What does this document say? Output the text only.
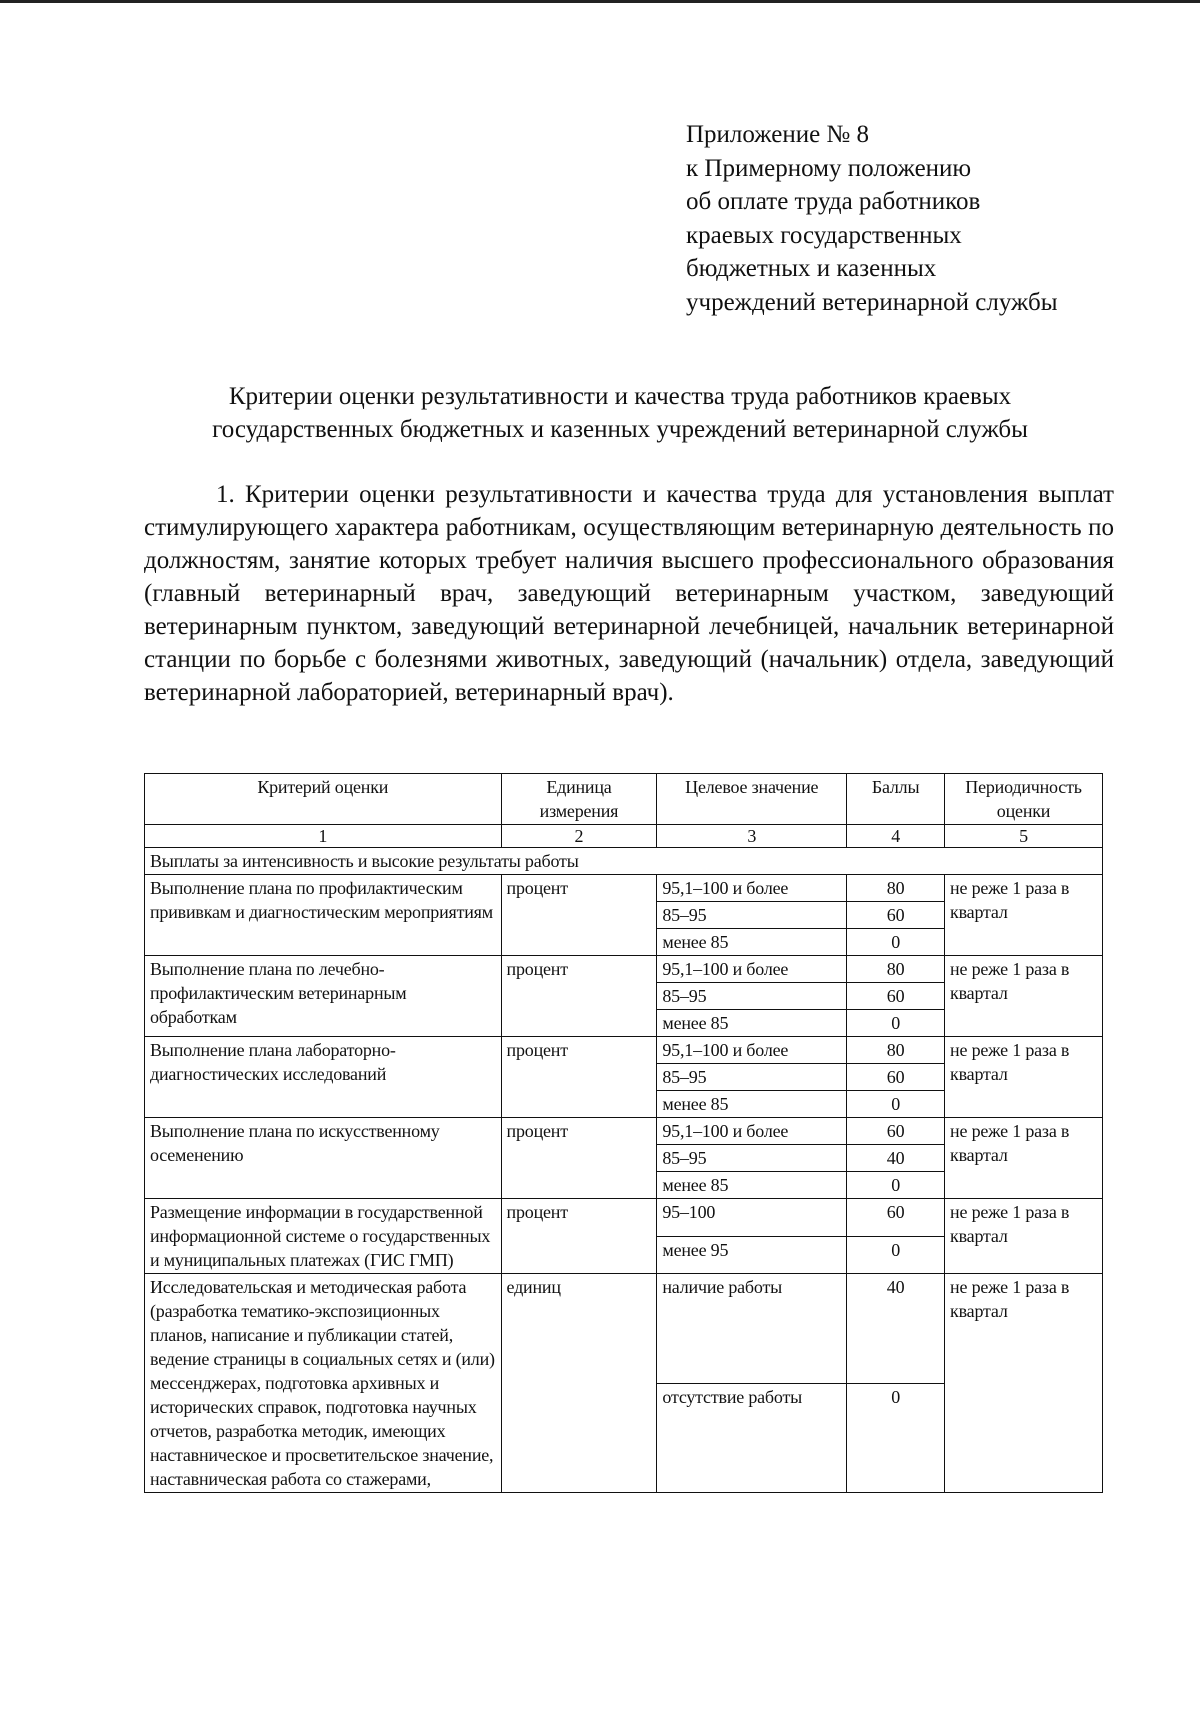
Приложение № 8
к Примерному положению
об оплате труда работников
краевых государственных
бюджетных и казенных
учреждений ветеринарной службы
Критерии оценки результативности и качества труда работников краевых
государственных бюджетных и казенных учреждений ветеринарной службы
1. Критерии оценки результативности и качества труда для установления выплат стимулирующего характера работникам, осуществляющим ветеринарную деятельность по должностям, занятие которых требует наличия высшего профессионального образования (главный ветеринарный врач, заведующий ветеринарным участком, заведующий ветеринарным пунктом, заведующий ветеринарной лечебницей, начальник ветеринарной станции по борьбе с болезнями животных, заведующий (начальник) отдела, заведующий ветеринарной лабораторией, ветеринарный врач).
Критерий оценки	Единица измерения	Целевое значение	Баллы	Периодичность оценки
1	2	3	4	5
Выплаты за интенсивность и высокие результаты работы				
Выполнение плана по профилактическим прививкам и диагностическим мероприятиям	процент	95,1–100 и более	80	не реже 1 раза в квартал
		85–95	60	
		менее 85	0	
Выполнение плана по лечебно-профилактическим ветеринарным обработкам	процент	95,1–100 и более	80	не реже 1 раза в квартал
		85–95	60	
		менее 85	0	
Выполнение плана лабораторно-диагностических исследований	процент	95,1–100 и более	80	не реже 1 раза в квартал
		85–95	60	
		менее 85	0	
Выполнение плана по искусственному осеменению	процент	95,1–100 и более	60	не реже 1 раза в квартал
		85–95	40	
		менее 85	0	
Размещение информации в государственной информационной системе о государственных и муниципальных платежах (ГИС ГМП)	процент	95–100	60	не реже 1 раза в квартал
		менее 95	0	
Исследовательская и методическая работа (разработка тематико-экспозиционных планов, написание и публикации статей, ведение страницы в социальных сетях и (или) мессенджерах, подготовка архивных и исторических справок, подготовка научных отчетов, разработка методик, имеющих наставническое и просветительское значение, наставническая работа со стажерами,	единиц	наличие работы	40	не реже 1 раза в квартал
		отсутствие работы	0	
